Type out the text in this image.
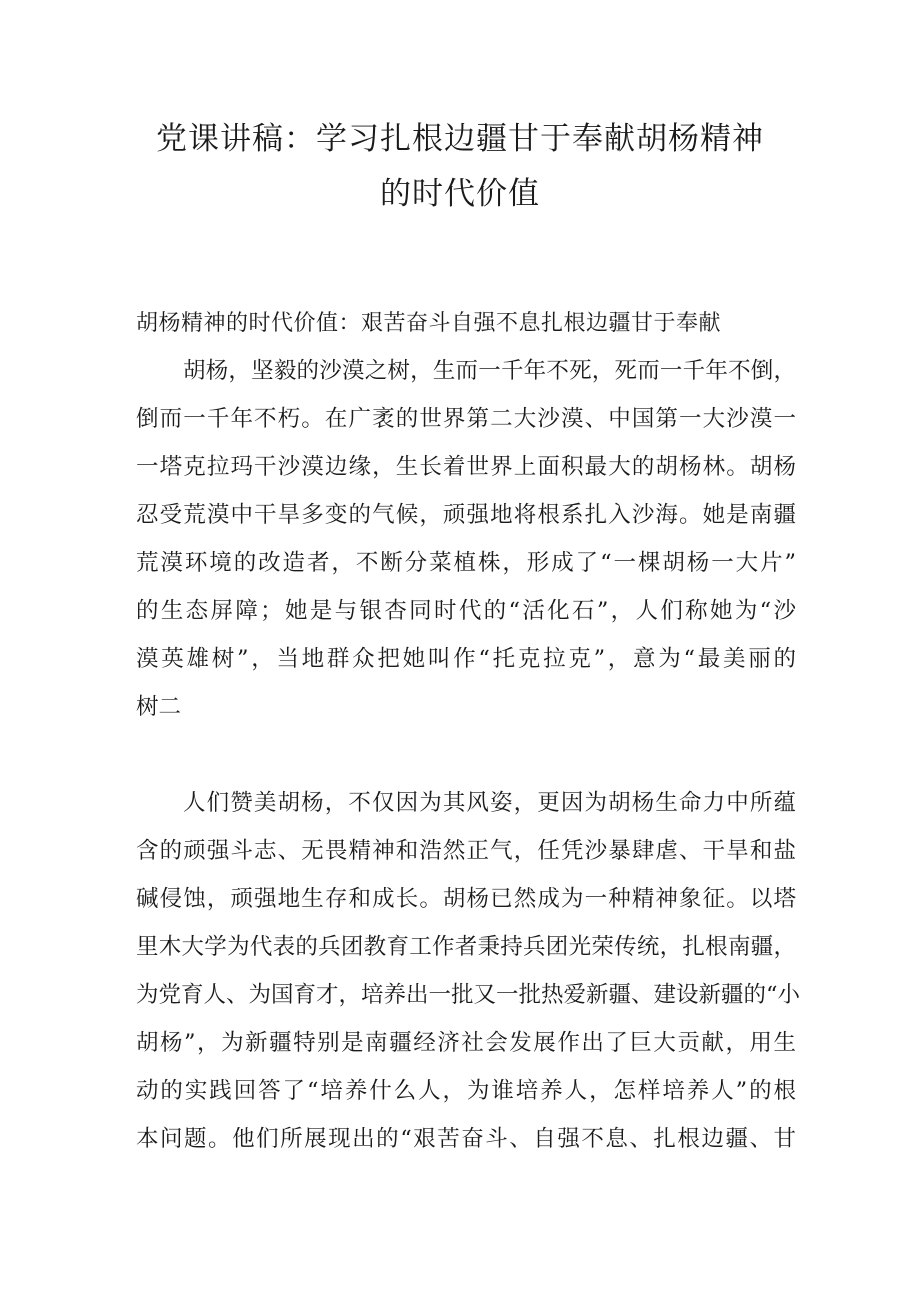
党课讲稿：学习扎根边疆甘于奉献胡杨精神
的时代价值
胡杨精神的时代价值：艰苦奋斗自强不息扎根边疆甘于奉献
胡杨，坚毅的沙漠之树，生而一千年不死，死而一千年不倒，
倒而一千年不朽。在广袤的世界第二大沙漠、中国第一大沙漠一
一塔克拉玛干沙漠边缘，生长着世界上面积最大的胡杨林。胡杨
忍受荒漠中干旱多变的气候，顽强地将根系扎入沙海。她是南疆
荒漠环境的改造者，不断分菜植株，形成了“一棵胡杨一大片”
的生态屏障；她是与银杏同时代的“活化石”，人们称她为“沙
漠英雄树”，当地群众把她叫作“托克拉克”，意为“最美丽的
树二
人们赞美胡杨，不仅因为其风姿，更因为胡杨生命力中所蕴
含的顽强斗志、无畏精神和浩然正气，任凭沙暴肆虐、干旱和盐
碱侵蚀，顽强地生存和成长。胡杨已然成为一种精神象征。以塔
里木大学为代表的兵团教育工作者秉持兵团光荣传统，扎根南疆，
为党育人、为国育才，培养出一批又一批热爱新疆、建设新疆的“小
胡杨”，为新疆特别是南疆经济社会发展作出了巨大贡献，用生
动的实践回答了“培养什么人，为谁培养人，怎样培养人”的根
本问题。他们所展现出的“艰苦奋斗、自强不息、扎根边疆、甘
